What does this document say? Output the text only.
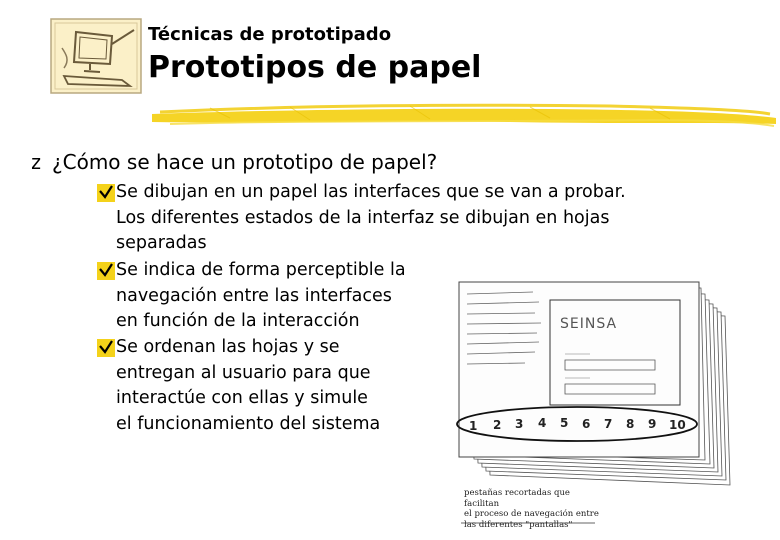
Técnicas de prototipado
Prototipos de papel
z ¿Cómo se hace un prototipo de papel?
Se dibujan en un papel las interfaces que se van a probar.
Los diferentes estados de la interfaz se dibujan en hojas
separadas
Se indica de forma perceptible la
navegación entre las interfaces
en función de la interacción
Se ordenan las hojas y se
entregan al usuario para que
interactúe con ellas y simule
el funcionamiento del sistema
SEINSA
1 2 3 4 5 6 7 8 9 10
pestañas recortadas que facilitan
el proceso de navegación entre
las diferentes "pantallas"
